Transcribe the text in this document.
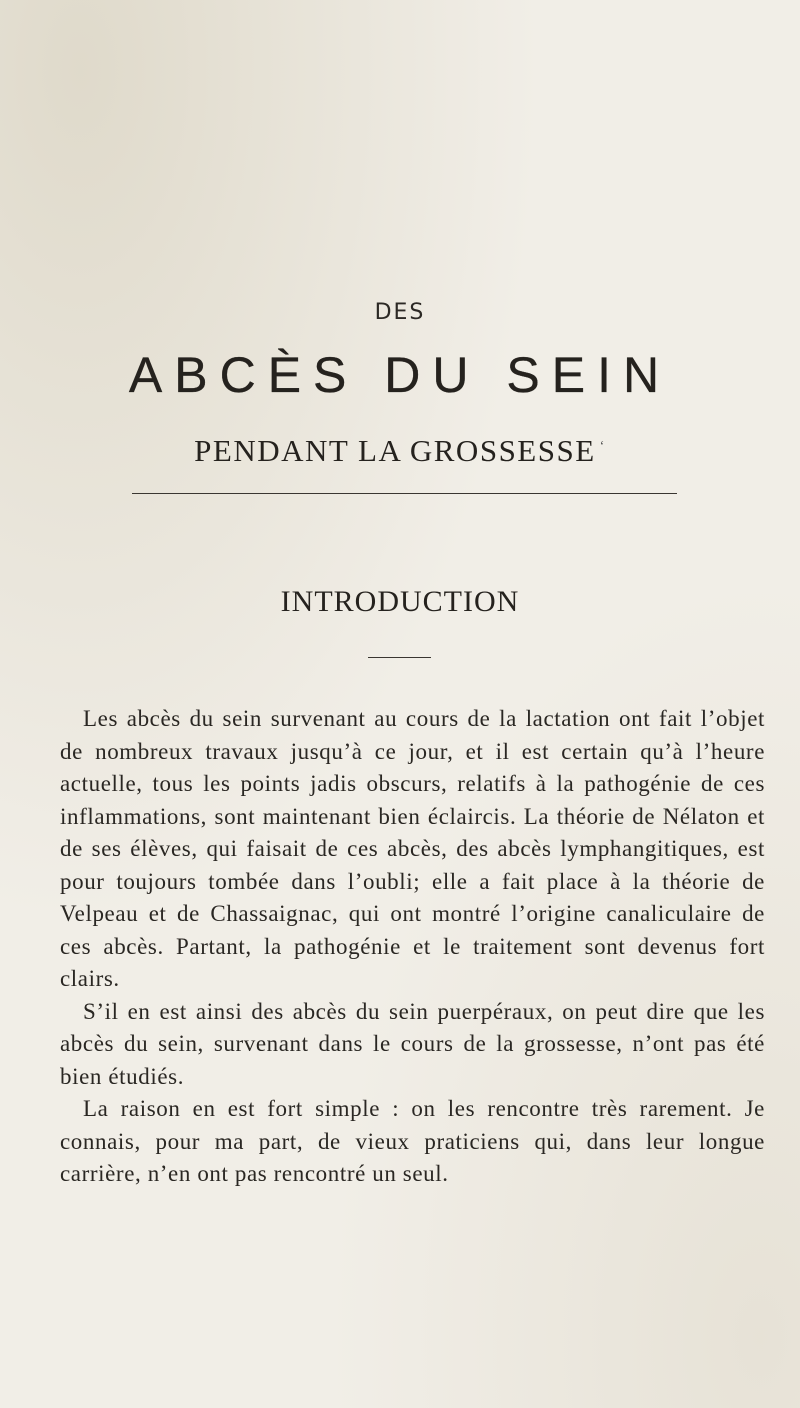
DES
ABCÈS DU SEIN
PENDANT LA GROSSESSE ‘
INTRODUCTION

Les abcès du sein survenant au cours de la lactation ont fait l’objet de nombreux travaux jusqu’à ce jour, et il est certain qu’à l’heure actuelle, tous les points jadis obscurs, relatifs à la pathogénie de ces inflammations, sont maintenant bien éclaircis. La théorie de Nélaton et de ses élèves, qui faisait de ces abcès, des abcès lymphangitiques, est pour toujours tombée dans l’oubli; elle a fait place à la théorie de Velpeau et de Chassaignac, qui ont montré l’origine canaliculaire de ces abcès. Partant, la pathogénie et le traitement sont devenus fort clairs.

S’il en est ainsi des abcès du sein puerpéraux, on peut dire que les abcès du sein, survenant dans le cours de la grossesse, n’ont pas été bien étudiés.

La raison en est fort simple : on les rencontre très rarement. Je connais, pour ma part, de vieux praticiens qui, dans leur longue carrière, n’en ont pas rencontré un seul.
